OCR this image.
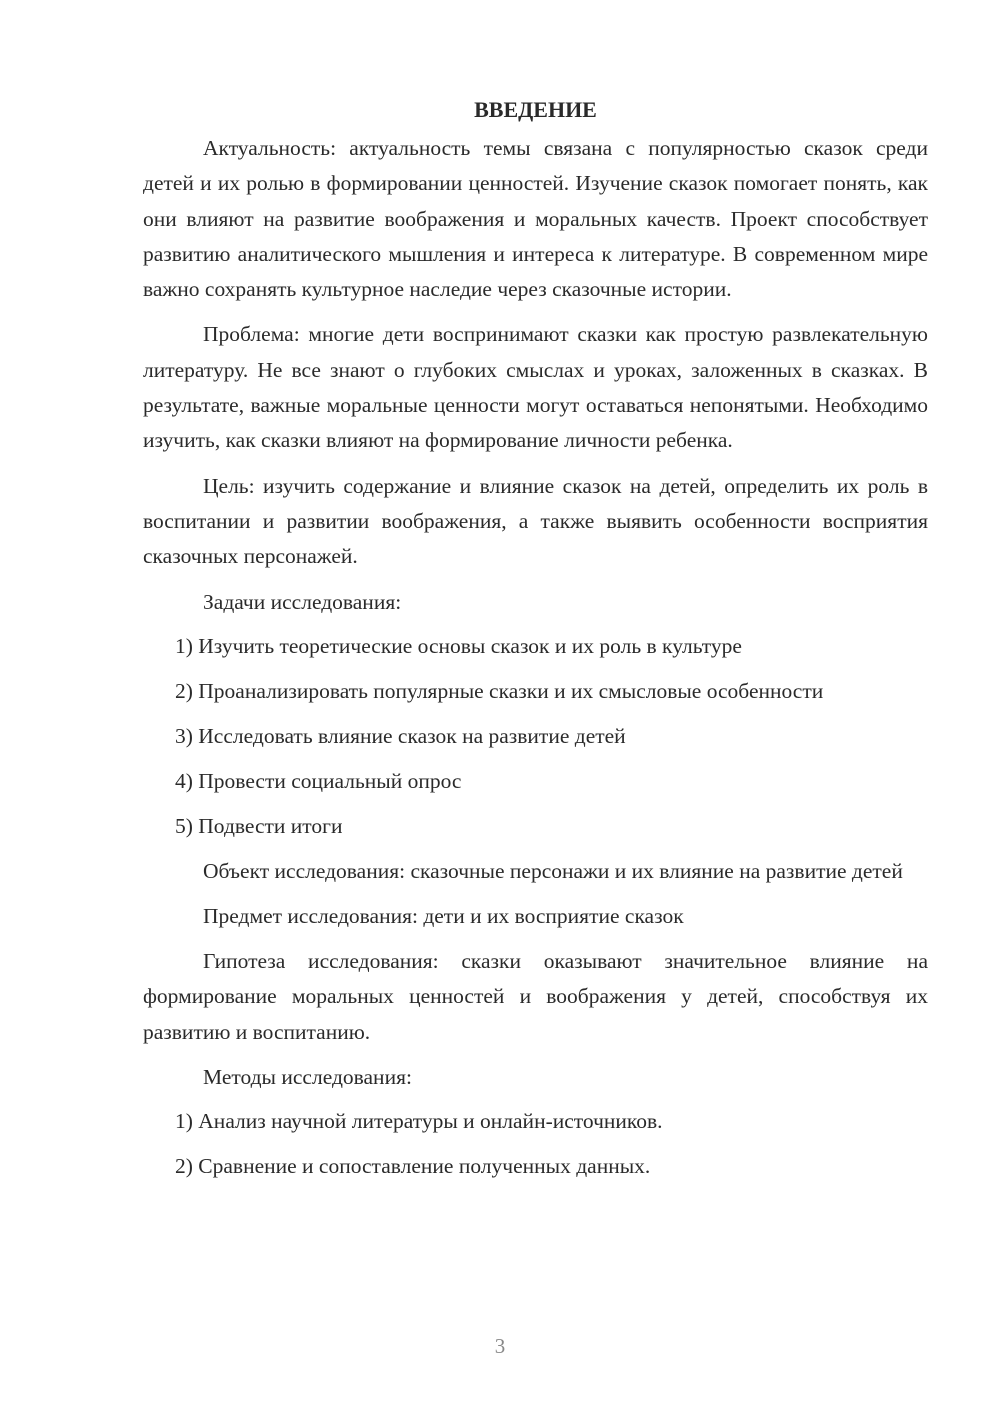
ВВЕДЕНИЕ

Актуальность: актуальность темы связана с популярностью сказок среди детей и их ролью в формировании ценностей. Изучение сказок помогает понять, как они влияют на развитие воображения и моральных качеств. Проект способствует развитию аналитического мышления и интереса к литературе. В современном мире важно сохранять культурное наследие через сказочные истории.

Проблема: многие дети воспринимают сказки как простую развлекательную литературу. Не все знают о глубоких смыслах и уроках, заложенных в сказках. В результате, важные моральные ценности могут оставаться непонятыми. Необходимо изучить, как сказки влияют на формирование личности ребенка.

Цель: изучить содержание и влияние сказок на детей, определить их роль в воспитании и развитии воображения, а также выявить особенности восприятия сказочных персонажей.

Задачи исследования:

1) Изучить теоретические основы сказок и их роль в культуре
2) Проанализировать популярные сказки и их смысловые особенности
3) Исследовать влияние сказок на развитие детей
4) Провести социальный опрос
5) Подвести итоги

Объект исследования: сказочные персонажи и их влияние на развитие детей

Предмет исследования: дети и их восприятие сказок

Гипотеза исследования: сказки оказывают значительное влияние на формирование моральных ценностей и воображения у детей, способствуя их развитию и воспитанию.

Методы исследования:

1) Анализ научной литературы и онлайн-источников.
2) Сравнение и сопоставление полученных данных.
3
